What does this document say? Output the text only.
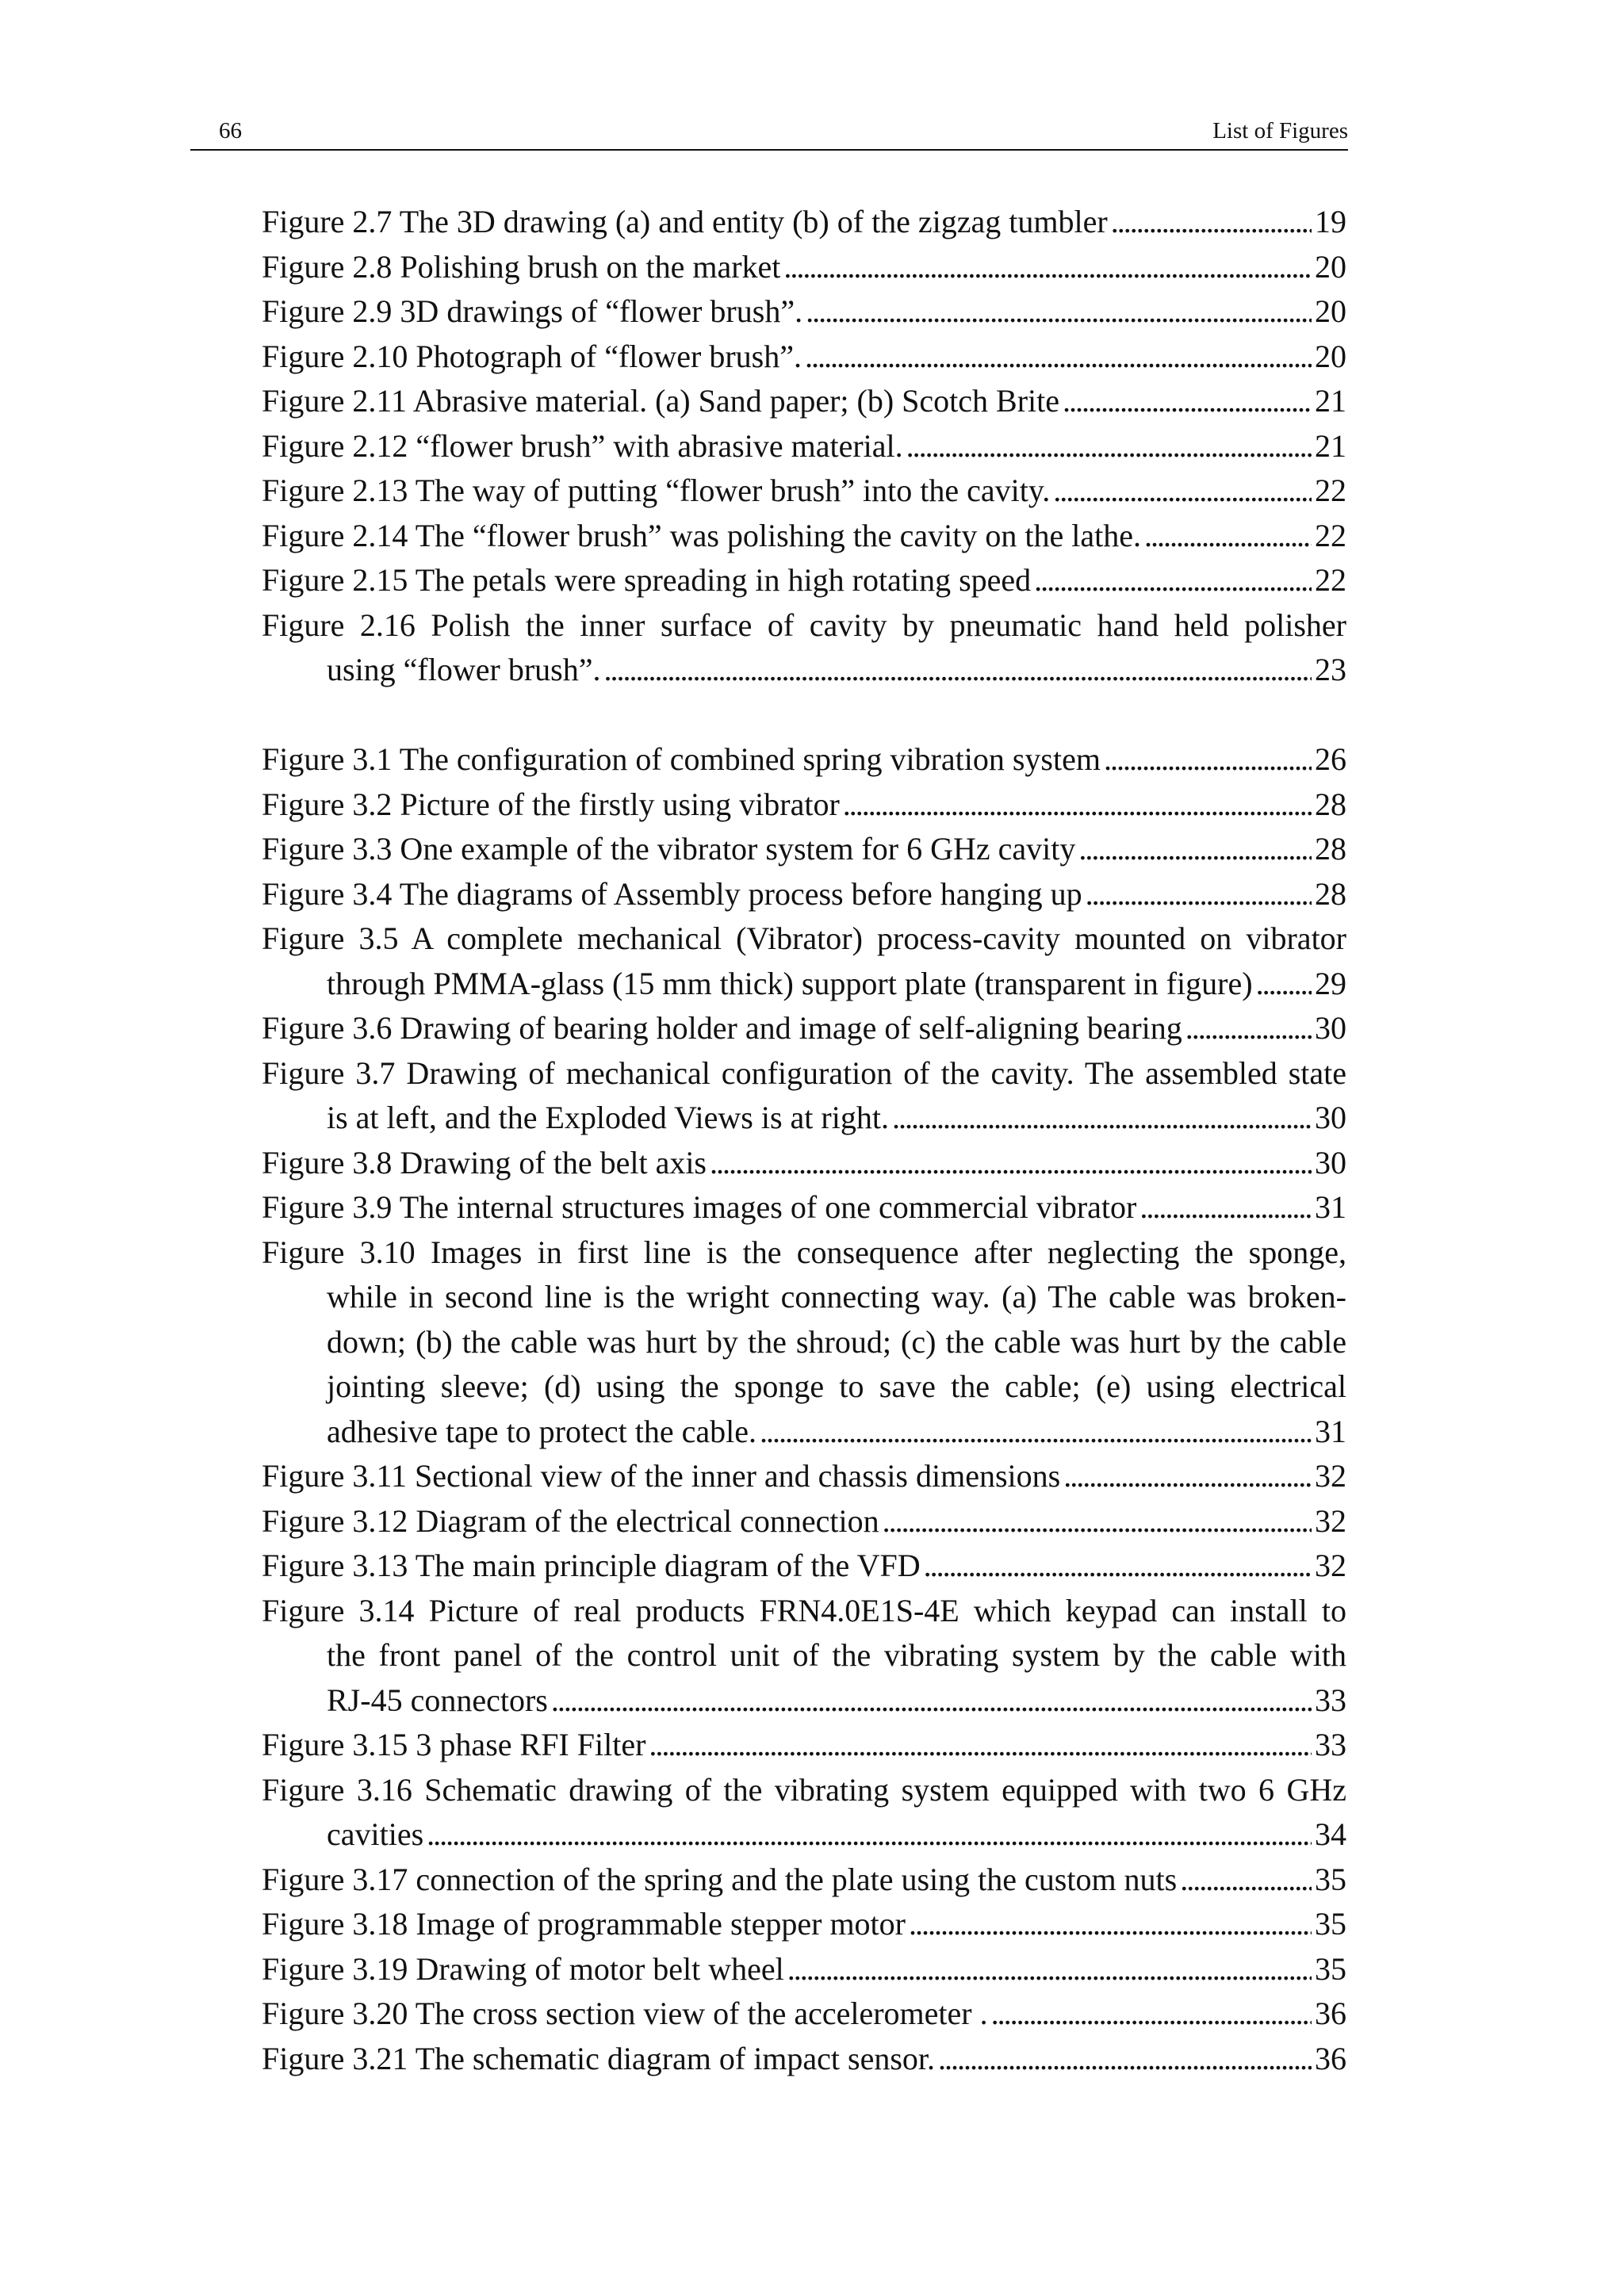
66	List of Figures
Figure 2.7 The 3D drawing (a) and entity (b) of the zigzag tumbler . . .	19
Figure 2.8 Polishing brush on the market . . .	20
Figure 2.9 3D drawings of “flower brush”. . . .	20
Figure 2.10 Photograph of “flower brush”. . . .	20
Figure 2.11 Abrasive material. (a) Sand paper; (b) Scotch Brite . . .	21
Figure 2.12 “flower brush” with abrasive material. . . .	21
Figure 2.13 The way of putting “flower brush” into the cavity. . . .	22
Figure 2.14 The “flower brush” was polishing the cavity on the lathe. . . .	22
Figure 2.15 The petals were spreading in high rotating speed . . .	22
Figure 2.16 Polish the inner surface of cavity by pneumatic hand held polisher
using “flower brush”. . . .	23
Figure 3.1 The configuration of combined spring vibration system . . .	26
Figure 3.2 Picture of the firstly using vibrator . . .	28
Figure 3.3 One example of the vibrator system for 6 GHz cavity . . .	28
Figure 3.4 The diagrams of Assembly process before hanging up . . .	28
Figure 3.5 A complete mechanical (Vibrator) process-cavity mounted on vibrator
through PMMA-glass (15 mm thick) support plate (transparent in figure) . . . 29
Figure 3.6 Drawing of bearing holder and image of self-aligning bearing . . .	30
Figure 3.7 Drawing of mechanical configuration of the cavity. The assembled state
is at left, and the Exploded Views is at right. . . .	30
Figure 3.8 Drawing of the belt axis . . .	30
Figure 3.9 The internal structures images of one commercial vibrator . . .	31
Figure 3.10 Images in first line is the consequence after neglecting the sponge,
while in second line is the wright connecting way. (a) The cable was broken-
down; (b) the cable was hurt by the shroud; (c) the cable was hurt by the cable
jointing sleeve; (d) using the sponge to save the cable; (e) using electrical
adhesive tape to protect the cable. . . .	31
Figure 3.11 Sectional view of the inner and chassis dimensions . . .	32
Figure 3.12 Diagram of the electrical connection . . .	32
Figure 3.13 The main principle diagram of the VFD . . .	32
Figure 3.14 Picture of real products FRN4.0E1S-4E which keypad can install to
the front panel of the control unit of the vibrating system by the cable with
RJ-45 connectors . . .	33
Figure 3.15 3 phase RFI Filter . . .	33
Figure 3.16 Schematic drawing of the vibrating system equipped with two 6 GHz
cavities . . .	34
Figure 3.17 connection of the spring and the plate using the custom nuts . . .	35
Figure 3.18 Image of programmable stepper motor . . .	35
Figure 3.19 Drawing of motor belt wheel . . .	35
Figure 3.20 The cross section view of the accelerometer . . . .	36
Figure 3.21 The schematic diagram of impact sensor. . . .	36
